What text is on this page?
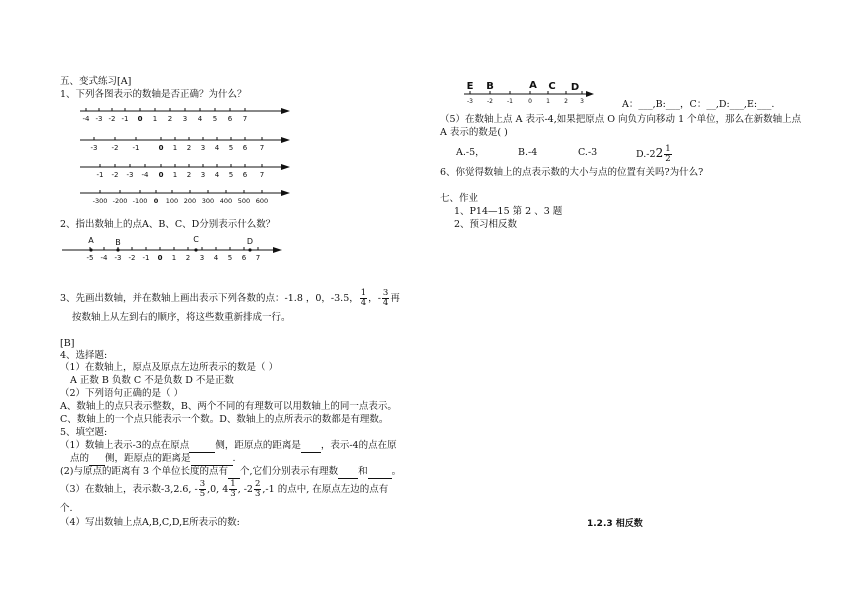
五、变式练习[A]
1、下列各图表示的数轴是否正确？为什么？
-4 -3 -2 -1 0 1 2 3 4 5 6 7
-3 -2 -1	0 1 2 3 4 5 6 7
-1 -2 -3 -4 0 1 2 3 4 5 6 7
-300 -200 -100 0 100 200 300 400 500 600
2、指出数轴上的点A、B、C、D分别表示什么数？
A	B	C	D
-5 -4 -3 -2 -1 0 1 2 3 4 5 6 7
3、先画出数轴，并在数轴上画出表示下列各数的点：-1.8 ，0，-3.5， $\frac{1}{4}$ ，- $\frac{3}{4}$ 再
按数轴上从左到右的顺序，将这些数重新排成一行。
[B]
4、选择题:
（1）在数轴上，原点及原点左边所表示的数是（ ）
A 正数 B 负数 C 不是负数 D 不是正数
（2）下列语句正确的是（ ）
A、数轴上的点只表示整数，B、两个不同的有理数可以用数轴上的同一点表示。
C、数轴上的一个点只能表示一个数。D、数轴上的点所表示的数都是有理数。
5、填空题:
（1）数轴上表示-3的点在原点	侧，距原点的距离是 ，表示-4的点在原
点的 侧，距原点的距离是	.
(2)与原点的距离有 3 个单位长度的点有 个,它们分别表示有理数 和	。
（3）在数轴上，表示数-3,2.6, - $\frac{3}{5} ,0$, $4 \frac{1}{3}$ , $-2 \frac{2}{3} ,-1$ 的点中, 在原点左边的点有
个.
（4）写出数轴上点A,B,C,D,E所表示的数:
E B	A C D
-3 -2 -1	0 1 2 3	A：___,B:___，C：__,D:___,E:___.
（5）在数轴上点 A 表示-4,如果把原点 O 向负方向移动 1 个单位，那么在新数轴上点
A 表示的数是( )
A.-5，	B.-4	C.-3	$D.-22 \frac{1}{2}$
6、你觉得数轴上的点表示数的大小与点的位置有关吗?为什么?
七、作业
1、P14—15 第 2 、3 题
2、预习相反数
1.2.3 相反数
